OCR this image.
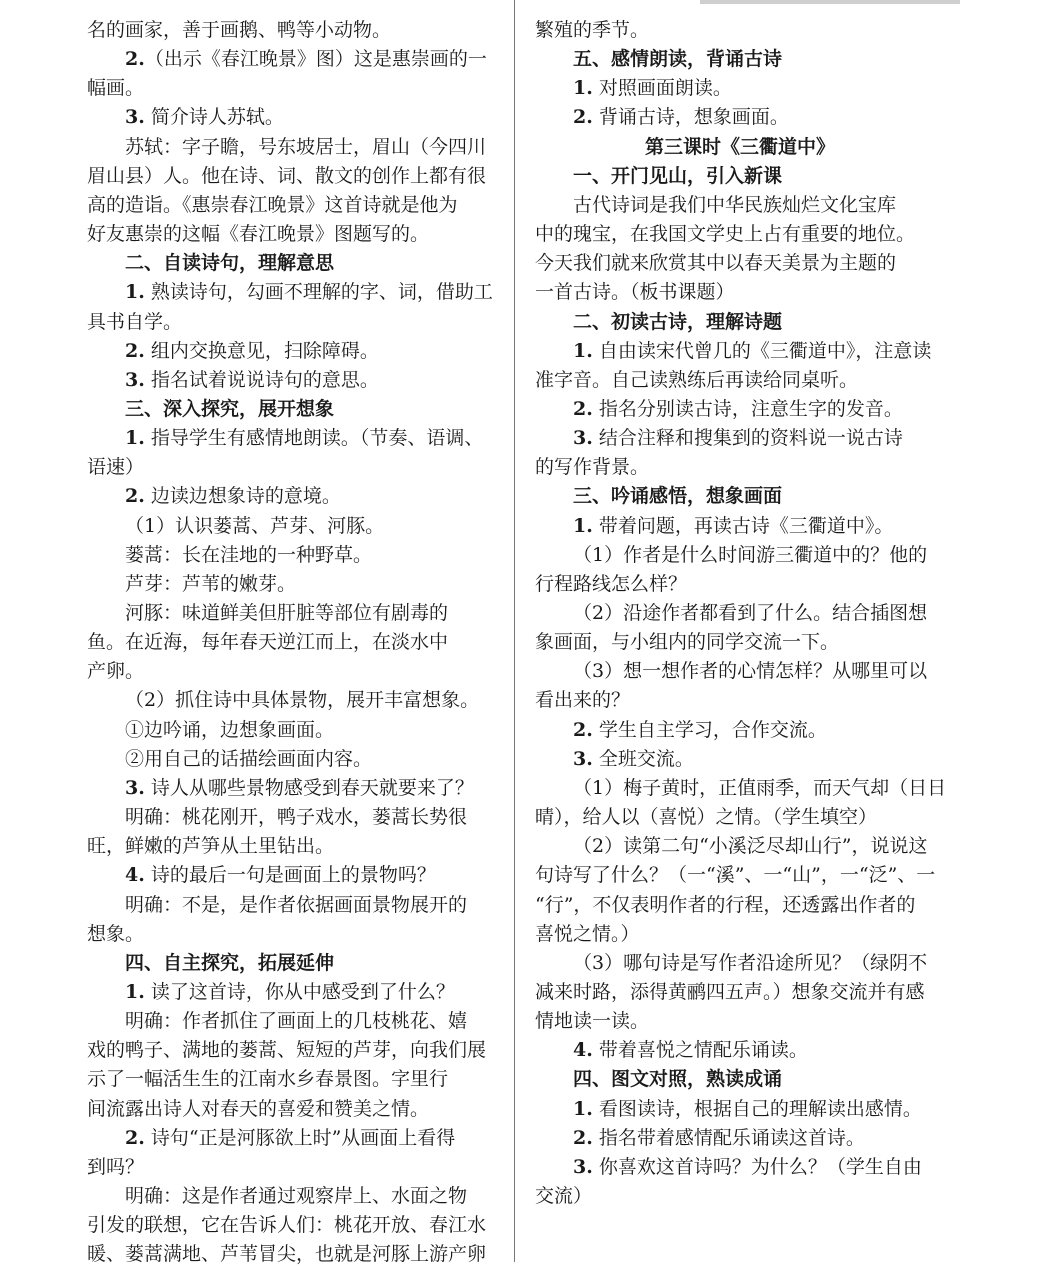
名的画家，善于画鹅、鸭等小动物。
2.（出示《春江晚景》图）这是惠崇画的一
幅画。
3. 简介诗人苏轼。
苏轼：字子瞻，号东坡居士，眉山（今四川
眉山县）人。他在诗、词、散文的创作上都有很
高的造诣。《惠崇春江晚景》这首诗就是他为
好友惠崇的这幅《春江晚景》图题写的。
二、自读诗句，理解意思
1. 熟读诗句，勾画不理解的字、词，借助工
具书自学。
2. 组内交换意见，扫除障碍。
3. 指名试着说说诗句的意思。
三、深入探究，展开想象
1. 指导学生有感情地朗读。（节奏、语调、
语速）
2. 边读边想象诗的意境。
（1）认识蒌蒿、芦芽、河豚。
蒌蒿：长在洼地的一种野草。
芦芽：芦苇的嫩芽。
河豚：味道鲜美但肝脏等部位有剧毒的
鱼。在近海，每年春天逆江而上，在淡水中
产卵。
（2）抓住诗中具体景物，展开丰富想象。
①边吟诵，边想象画面。
②用自己的话描绘画面内容。
3. 诗人从哪些景物感受到春天就要来了？
明确：桃花刚开，鸭子戏水，蒌蒿长势很
旺，鲜嫩的芦笋从土里钻出。
4. 诗的最后一句是画面上的景物吗？
明确：不是，是作者依据画面景物展开的
想象。
四、自主探究，拓展延伸
1. 读了这首诗，你从中感受到了什么？
明确：作者抓住了画面上的几枝桃花、嬉
戏的鸭子、满地的蒌蒿、短短的芦芽，向我们展
示了一幅活生生的江南水乡春景图。字里行
间流露出诗人对春天的喜爱和赞美之情。
2. 诗句“正是河豚欲上时”从画面上看得
到吗？
明确：这是作者通过观察岸上、水面之物
引发的联想，它在告诉人们：桃花开放、春江水
暖、蒌蒿满地、芦苇冒尖，也就是河豚上游产卵
繁殖的季节。
五、感情朗读，背诵古诗
1. 对照画面朗读。
2. 背诵古诗，想象画面。
第三课时《三衢道中》
一、开门见山，引入新课
古代诗词是我们中华民族灿烂文化宝库
中的瑰宝，在我国文学史上占有重要的地位。
今天我们就来欣赏其中以春天美景为主题的
一首古诗。（板书课题）
二、初读古诗，理解诗题
1. 自由读宋代曾几的《三衢道中》，注意读
准字音。自己读熟练后再读给同桌听。
2. 指名分别读古诗，注意生字的发音。
3. 结合注释和搜集到的资料说一说古诗
的写作背景。
三、吟诵感悟，想象画面
1. 带着问题，再读古诗《三衢道中》。
（1）作者是什么时间游三衢道中的？他的
行程路线怎么样？
（2）沿途作者都看到了什么。结合插图想
象画面，与小组内的同学交流一下。
（3）想一想作者的心情怎样？从哪里可以
看出来的？
2. 学生自主学习，合作交流。
3. 全班交流。
（1）梅子黄时，正值雨季，而天气却（日日
晴），给人以（喜悦）之情。（学生填空）
（2）读第二句“小溪泛尽却山行”，说说这
句诗写了什么？（一“溪”、一“山”，一“泛”、一
“行”，不仅表明作者的行程，还透露出作者的
喜悦之情。）
（3）哪句诗是写作者沿途所见？（绿阴不
减来时路，添得黄鹂四五声。）想象交流并有感
情地读一读。
4. 带着喜悦之情配乐诵读。
四、图文对照，熟读成诵
1. 看图读诗，根据自己的理解读出感情。
2. 指名带着感情配乐诵读这首诗。
3. 你喜欢这首诗吗？为什么？（学生自由
交流）
